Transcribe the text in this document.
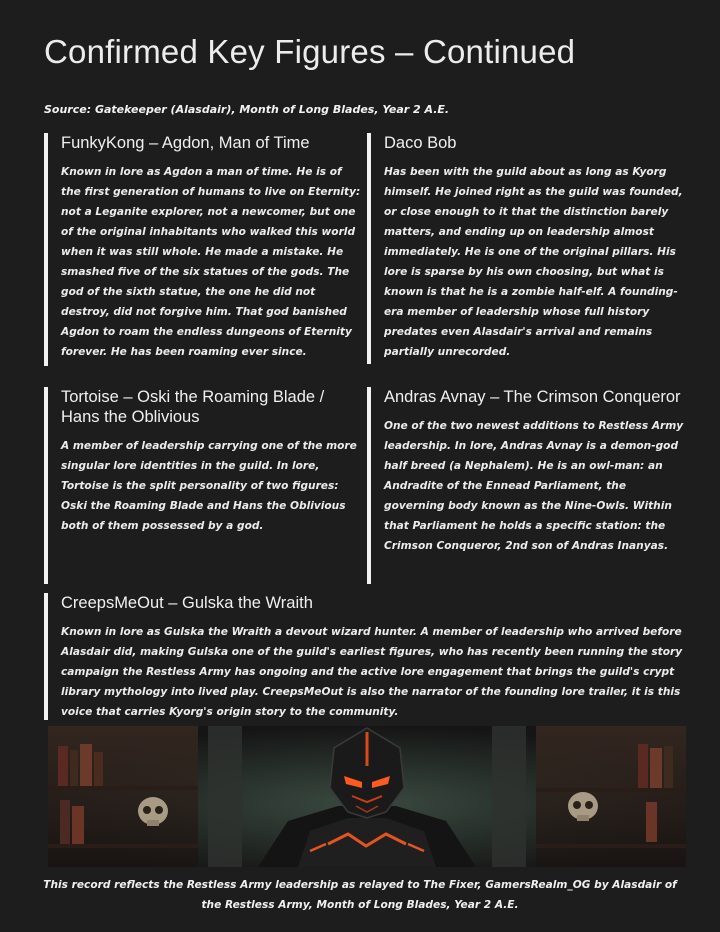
Confirmed Key Figures – Continued
Source: Gatekeeper (Alasdair), Month of Long Blades, Year 2 A.E.
FunkyKong – Agdon, Man of Time

Known in lore as Agdon a man of time. He is of the first generation of humans to live on Eternity: not a Leganite explorer, not a newcomer, but one of the original inhabitants who walked this world when it was still whole. He made a mistake. He smashed five of the six statues of the gods. The god of the sixth statue, the one he did not destroy, did not forgive him. That god banished Agdon to roam the endless dungeons of Eternity forever. He has been roaming ever since.

Daco Bob

Has been with the guild about as long as Kyorg himself. He joined right as the guild was founded, or close enough to it that the distinction barely matters, and ending up on leadership almost immediately. He is one of the original pillars. His lore is sparse by his own choosing, but what is known is that he is a zombie half-elf. A founding-era member of leadership whose full history predates even Alasdair's arrival and remains partially unrecorded.

Tortoise – Oski the Roaming Blade / Hans the Oblivious

A member of leadership carrying one of the more singular lore identities in the guild. In lore, Tortoise is the split personality of two figures: Oski the Roaming Blade and Hans the Oblivious both of them possessed by a god.

Andras Avnay – The Crimson Conqueror

One of the two newest additions to Restless Army leadership. In lore, Andras Avnay is a demon-god half breed (a Nephalem). He is an owl-man: an Andradite of the Ennead Parliament, the governing body known as the Nine-Owls. Within that Parliament he holds a specific station: the Crimson Conqueror, 2nd son of Andras Inanyas.

CreepsMeOut – Gulska the Wraith

Known in lore as Gulska the Wraith a devout wizard hunter. A member of leadership who arrived before Alasdair did, making Gulska one of the guild's earliest figures, who has recently been running the story campaign the Restless Army has ongoing and the active lore engagement that brings the guild's crypt library mythology into lived play. CreepsMeOut is also the narrator of the founding lore trailer, it is this voice that carries Kyorg's origin story to the community.

This record reflects the Restless Army leadership as relayed to The Fixer, GamersRealm_OG by Alasdair of the Restless Army, Month of Long Blades, Year 2 A.E.
